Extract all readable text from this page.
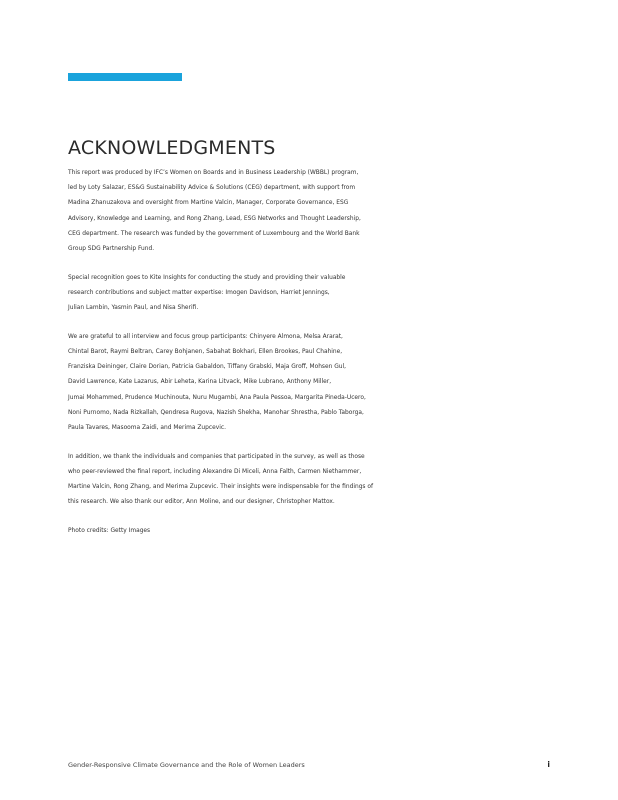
ACKNOWLEDGMENTS

This report was produced by IFC’s Women on Boards and in Business Leadership (WBBL) program,
led by Loty Salazar, ES&G Sustainability Advice & Solutions (CEG) department, with support from
Madina Zhanuzakova and oversight from Martine Valcin, Manager, Corporate Governance, ESG
Advisory, Knowledge and Learning, and Rong Zhang, Lead, ESG Networks and Thought Leadership,
CEG department. The research was funded by the government of Luxembourg and the World Bank
Group SDG Partnership Fund.

Special recognition goes to Kite Insights for conducting the study and providing their valuable
research contributions and subject matter expertise: Imogen Davidson, Harriet Jennings,
Julian Lambin, Yasmin Paul, and Nisa Sherifi.

We are grateful to all interview and focus group participants: Chinyere Almona, Melsa Ararat,
Chintal Barot, Raymi Beltran, Carey Bohjanen, Sabahat Bokhari, Ellen Brookes, Paul Chahine,
Franziska Deininger, Claire Dorian, Patricia Gabaldon, Tiffany Grabski, Maja Groff, Mohsen Gul,
David Lawrence, Kate Lazarus, Abir Leheta, Karina Litvack, Mike Lubrano, Anthony Miller,
Jumai Mohammed, Prudence Muchinouta, Nuru Mugambi, Ana Paula Pessoa, Margarita Pineda-Ucero,
Noni Purnomo, Nada Rizkallah, Qendresa Rugova, Nazish Shekha, Manohar Shrestha, Pablo Taborga,
Paula Tavares, Masooma Zaidi, and Merima Zupcevic.

In addition, we thank the individuals and companies that participated in the survey, as well as those
who peer-reviewed the final report, including Alexandre Di Miceli, Anna Falth, Carmen Niethammer,
Martine Valcin, Rong Zhang, and Merima Zupcevic. Their insights were indispensable for the findings of
this research. We also thank our editor, Ann Moline, and our designer, Christopher Mattox.

Photo credits: Getty Images

Gender-Responsive Climate Governance and the Role of Women Leaders	i
